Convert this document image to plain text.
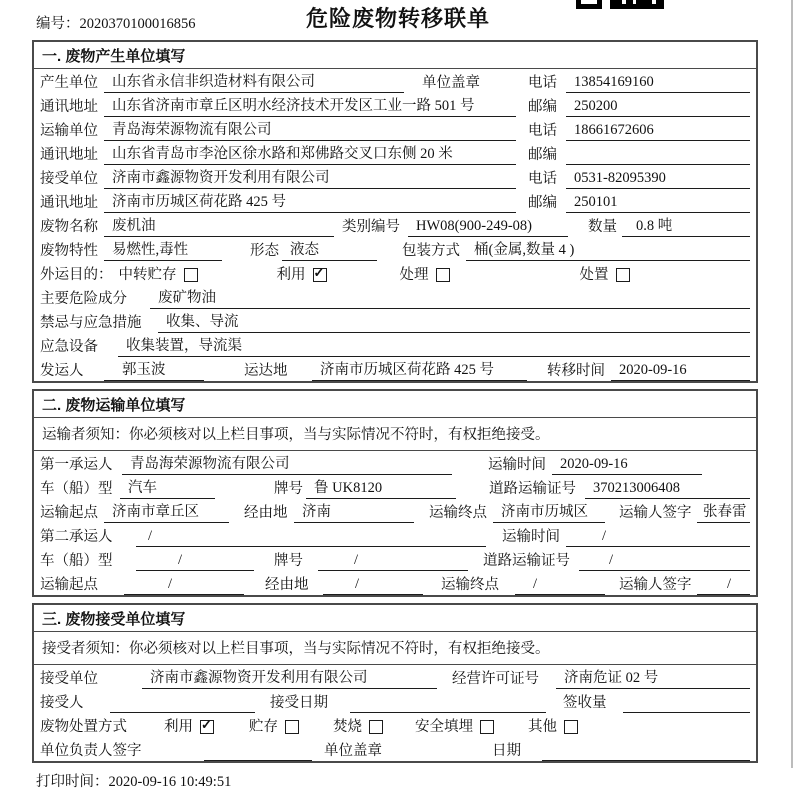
编号：2020370100016856	危险废物转移联单
一. 废物产生单位填写
产生单位 山东省永信非织造材料有限公司	单位盖章	电话	13854169160
通讯地址 山东省济南市章丘区明水经济技术开发区工业一路 501 号	邮编	250200
运输单位 青岛海荣源物流有限公司	电话	18661672606
通讯地址 山东省青岛市李沧区徐水路和郑佛路交叉口东侧 20 米	邮编
接受单位 济南市鑫源物资开发利用有限公司	电话	0531-82095390
通讯地址 济南市历城区荷花路 425 号	邮编	250101
废物名称 废机油	类别编号	HW08(900-249-08)	数量	0.8 吨
废物特性 易燃性,毒性	形态 液态	包装方式 桶(金属,数量 4 )
外运目的： 中转贮存	利用 ✓	处理	处置
主要危险成分	废矿物油
禁忌与应急措施	收集、导流
应急设备	收集装置，导流渠
发运人	郭玉波	运达地	济南市历城区荷花路 425 号	转移时间 2020-09-16
二. 废物运输单位填写
运输者须知：你必须核对以上栏目事项，当与实际情况不符时，有权拒绝接受。
第一承运人	青岛海荣源物流有限公司	运输时间 2020-09-16
车（船）型	汽车	牌号 鲁 UK8120	道路运输证号	370213006408
运输起点 济南市章丘区	经由地	济南	运输终点 济南市历城区	运输人签字 张春雷
第二承运人	/	运输时间	/
车（船）型	/	牌号	/	道路运输证号	/
运输起点	/	经由地	/	运输终点	/	运输人签字	/
三. 废物接受单位填写
接受者须知：你必须核对以上栏目事项，当与实际情况不符时，有权拒绝接受。
接受单位	济南市鑫源物资开发利用有限公司	经营许可证号	济南危证 02 号
接受人	接受日期	签收量
废物处置方式	利用 ✓	贮存	焚烧	安全填埋	其他
单位负责人签字	单位盖章	日期
打印时间：2020-09-16 10:49:51
